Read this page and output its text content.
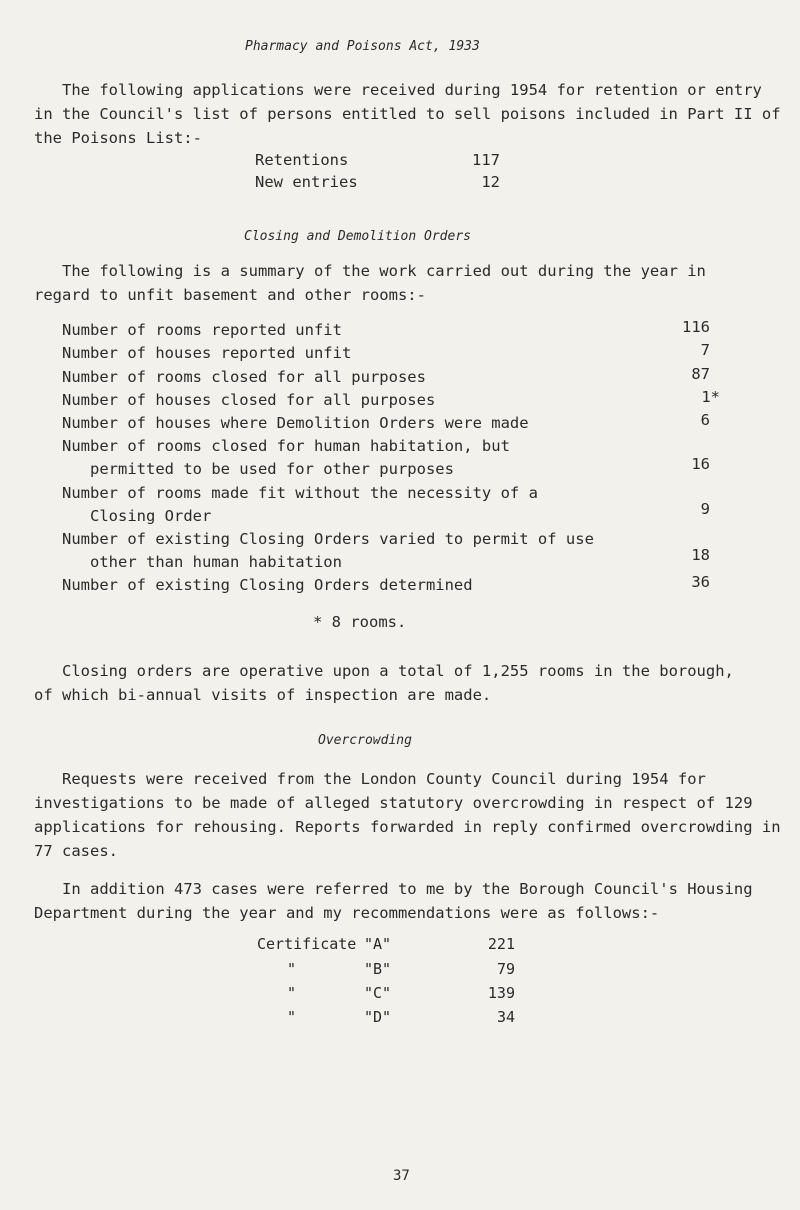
Pharmacy and Poisons Act, 1933
The following applications were received during 1954 for retention or entry
in the Council's list of persons entitled to sell poisons included in Part II of
the Poisons List:-
Retentions	117
New entries	12
Closing and Demolition Orders
The following is a summary of the work carried out during the year in
regard to unfit basement and other rooms:-
Number of rooms reported unfit	116
Number of houses reported unfit	7
Number of rooms closed for all purposes	87
Number of houses closed for all purposes	1*
Number of houses where Demolition Orders were made	6
Number of rooms closed for human habitation, but
permitted to be used for other purposes	16
Number of rooms made fit without the necessity of a
Closing Order	9
Number of existing Closing Orders varied to permit of use
other than human habitation	18
Number of existing Closing Orders determined	36
* 8 rooms.
Closing orders are operative upon a total of 1,255 rooms in the borough,
of which bi-annual visits of inspection are made.
Overcrowding
Requests were received from the London County Council during 1954 for
investigations to be made of alleged statutory overcrowding in respect of 129
applications for rehousing. Reports forwarded in reply confirmed overcrowding in
77 cases.
In addition 473 cases were referred to me by the Borough Council's Housing
Department during the year and my recommendations were as follows:-
Certificate "A"	221
"	"B"	79
"	"C"	139
"	"D"	34
37
